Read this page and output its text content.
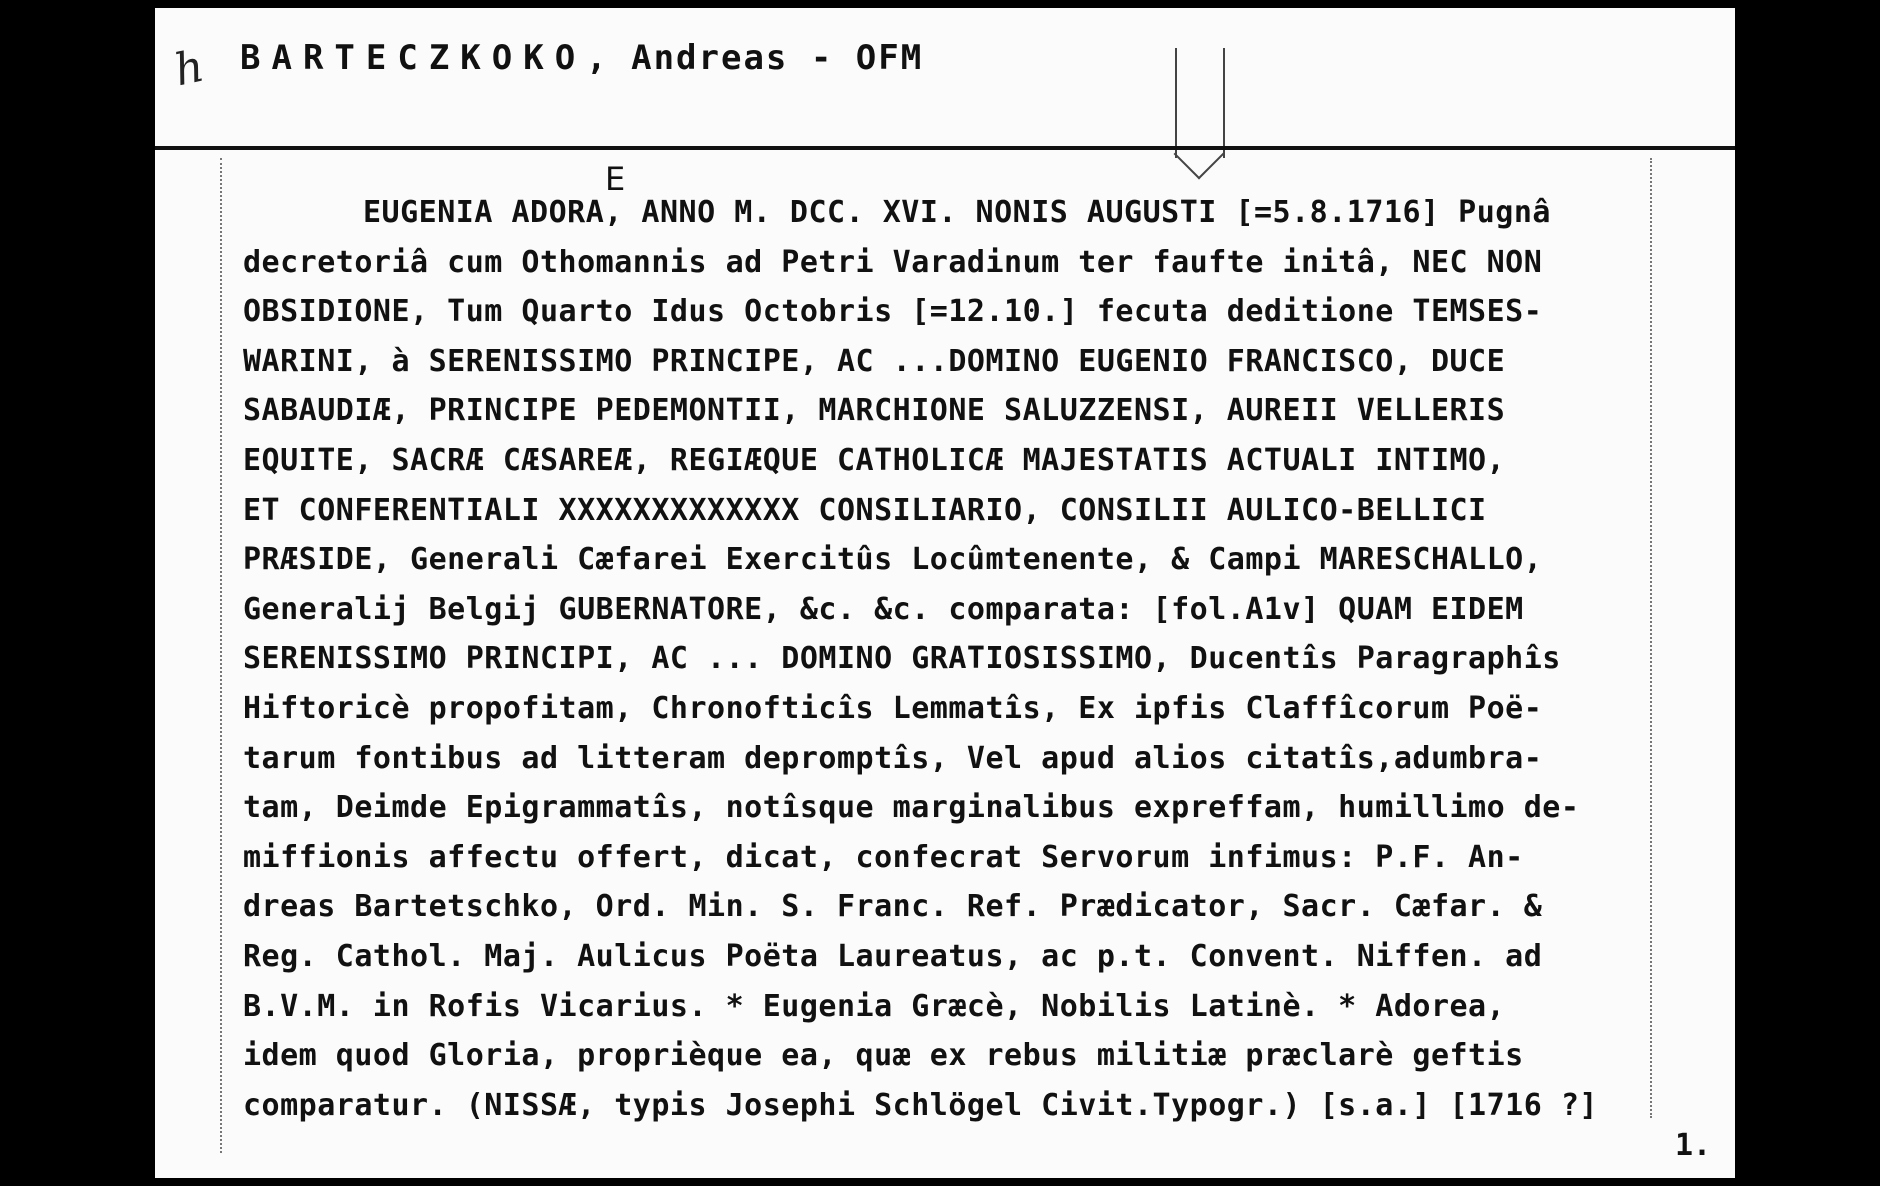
h BARTECZKOKO, Andreas - OFM
E
EUGENIA ADORA, ANNO M. DCC. XVI. NONIS AUGUSTI [=5.8.1716] Pugnâ
decretoriâ cum Othomannis ad Petri Varadinum ter faufte initâ, NEC NON
OBSIDIONE, Tum Quarto Idus Octobris [=12.10.] fecuta deditione TEMSES-
WARINI, à SERENISSIMO PRINCIPE, AC ...DOMINO EUGENIO FRANCISCO, DUCE
SABAUDIÆ, PRINCIPE PEDEMONTII, MARCHIONE SALUZZENSI, AUREII VELLERIS
EQUITE, SACRÆ CÆSAREÆ, REGIÆQUE CATHOLICÆ MAJESTATIS ACTUALI INTIMO,
ET CONFERENTIALI XXXXXXXXXXXXX CONSILIARIO, CONSILII AULICO-BELLICI
PRÆSIDE, Generali Cæfarei Exercitûs Locûmtenente, & Campi MARESCHALLO,
Generalij Belgij GUBERNATORE, &c. &c. comparata: [fol.A1v] QUAM EIDEM
SERENISSIMO PRINCIPI, AC ... DOMINO GRATIOSISSIMO, Ducentîs Paragraphîs
Hiftoricè propofitam, Chronofticîs Lemmatîs, Ex ipfis Claffîcorum Poë-
tarum fontibus ad litteram depromptîs, Vel apud alios citatîs,adumbra-
tam, Deimde Epigrammatîs, notîsque marginalibus expreffam, humillimo de-
miffionis affectu offert, dicat, confecrat Servorum infimus: P.F. An-
dreas Bartetschko, Ord. Min. S. Franc. Ref. Prædicator, Sacr. Cæfar. &
Reg. Cathol. Maj. Aulicus Poëta Laureatus, ac p.t. Convent. Niffen. ad
B.V.M. in Rofis Vicarius. * Eugenia Græcè, Nobilis Latinè. * Adorea,
idem quod Gloria, proprièque ea, quæ ex rebus militiæ præclarè geftis
comparatur. (NISSÆ, typis Josephi Schlögel Civit.Typogr.) [s.a.] [1716 ?]
1.
